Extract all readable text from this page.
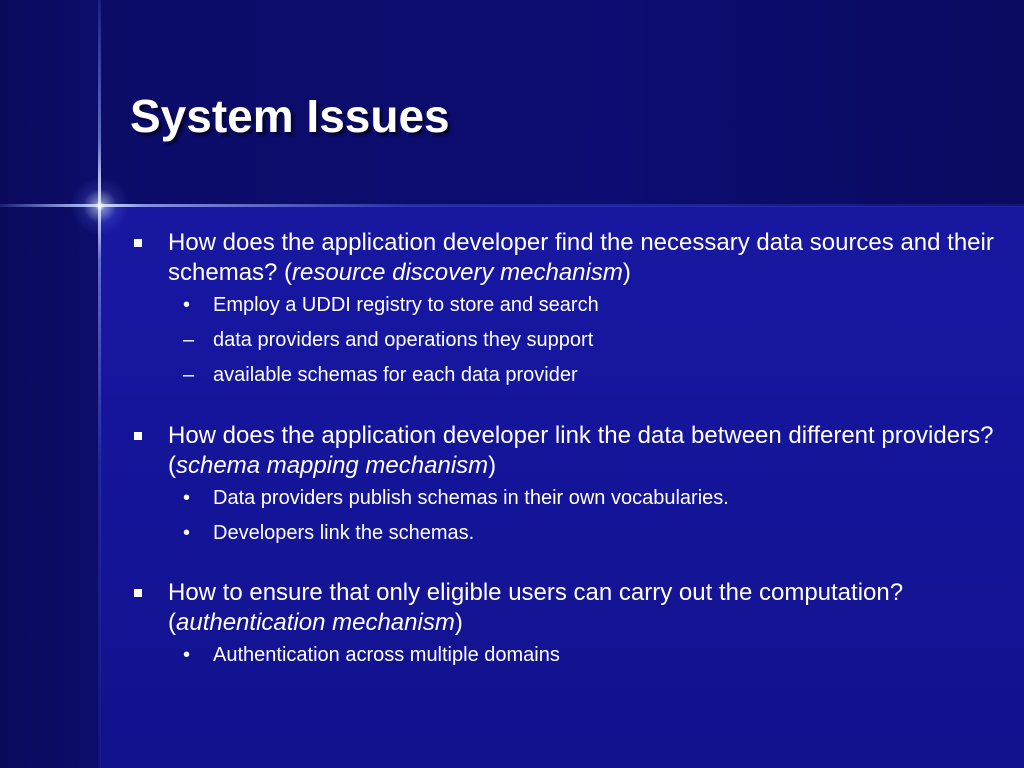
System Issues

How does the application developer find the necessary data sources and their schemas? (resource discovery mechanism)

•	Employ a UDDI registry to store and search

– data providers and operations they support

– available schemas for each data provider

How does the application developer link the data between different providers? (schema mapping mechanism)

•	Data providers publish schemas in their own vocabularies.

•	Developers link the schemas.

How to ensure that only eligible users can carry out the computation? (authentication mechanism)

•	Authentication across multiple domains
